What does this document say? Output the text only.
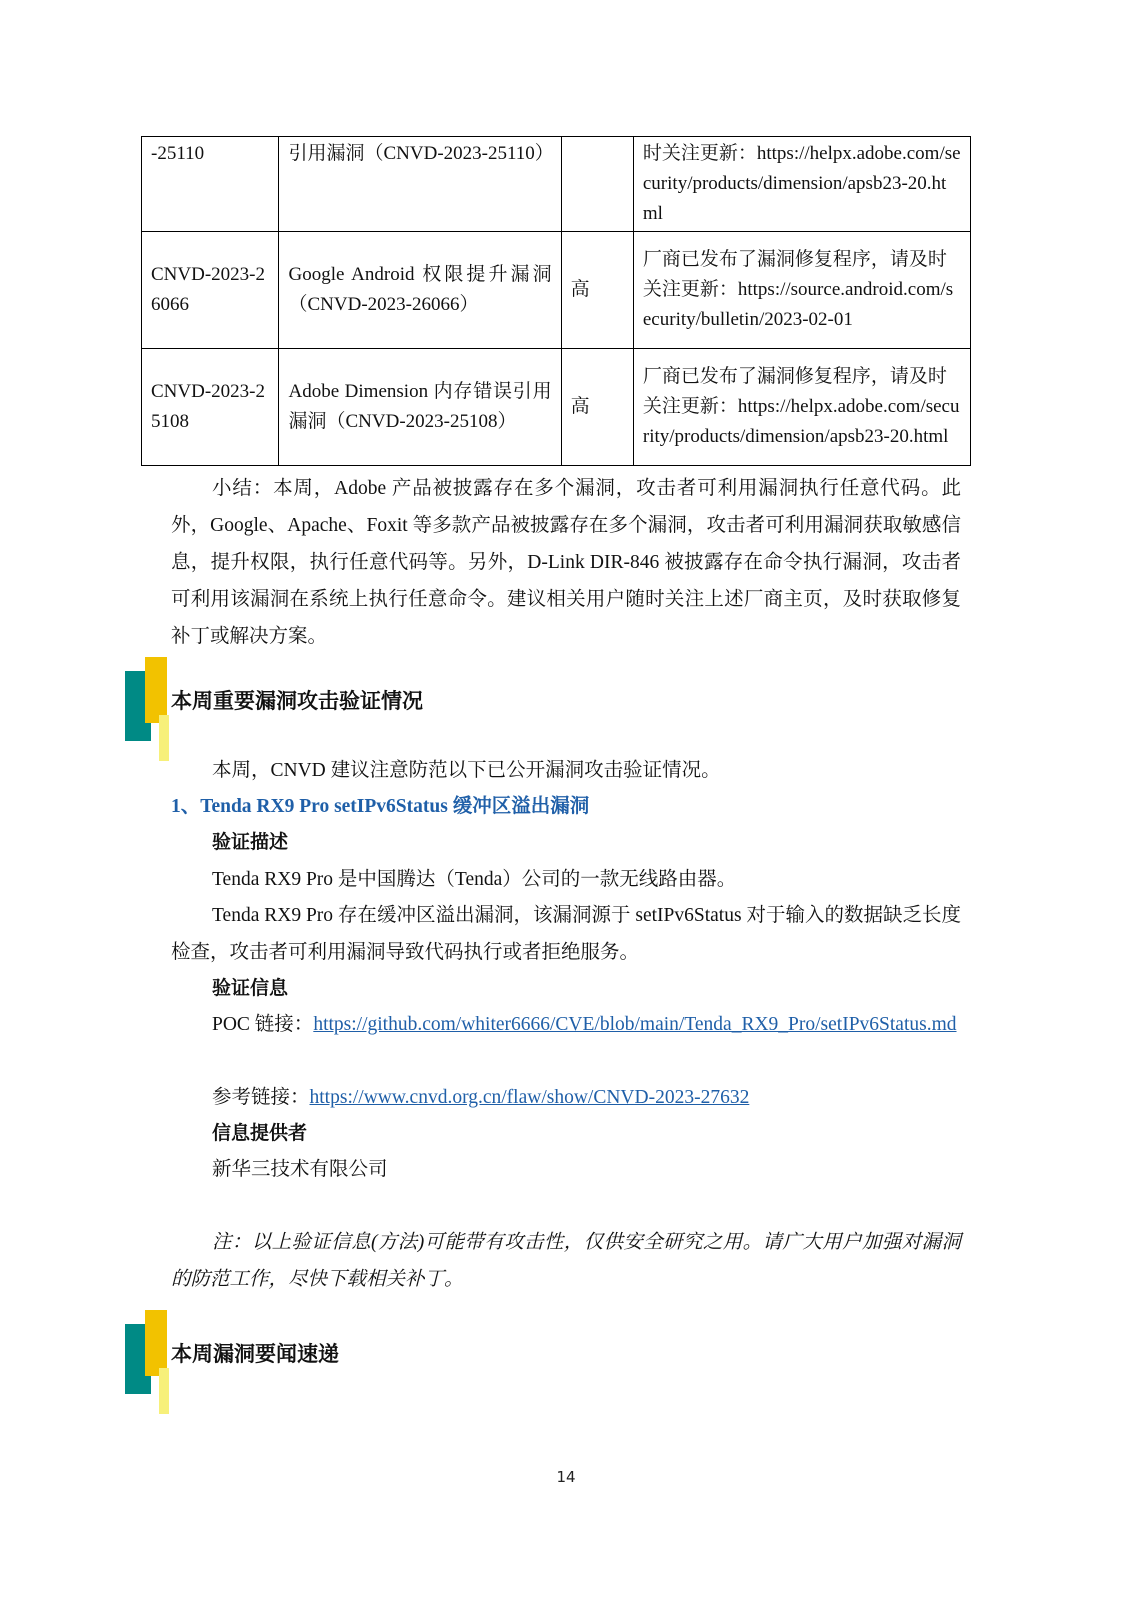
-25110	引用漏洞（CNVD-2023-25110）		时关注更新：https://helpx.adobe.com/security/products/dimension/apsb23-20.html
CNVD-2023-26066	Google Android 权限提升漏洞（CNVD-2023-26066）	高	厂商已发布了漏洞修复程序，请及时关注更新：https://source.android.com/security/bulletin/2023-02-01
CNVD-2023-25108	Adobe Dimension 内存错误引用漏洞（CNVD-2023-25108）	高	厂商已发布了漏洞修复程序，请及时关注更新：https://helpx.adobe.com/security/products/dimension/apsb23-20.html

小结：本周，Adobe 产品被披露存在多个漏洞，攻击者可利用漏洞执行任意代码。此外，Google、Apache、Foxit 等多款产品被披露存在多个漏洞，攻击者可利用漏洞获取敏感信息，提升权限，执行任意代码等。另外，D-Link DIR-846 被披露存在命令执行漏洞，攻击者可利用该漏洞在系统上执行任意命令。建议相关用户随时关注上述厂商主页，及时获取修复补丁或解决方案。

本周重要漏洞攻击验证情况

本周，CNVD 建议注意防范以下已公开漏洞攻击验证情况。

1、Tenda RX9 Pro setIPv6Status 缓冲区溢出漏洞

验证描述

Tenda RX9 Pro 是中国腾达（Tenda）公司的一款无线路由器。

Tenda RX9 Pro 存在缓冲区溢出漏洞，该漏洞源于 setIPv6Status 对于输入的数据缺乏长度检查，攻击者可利用漏洞导致代码执行或者拒绝服务。

验证信息

POC 链接：https://github.com/whiter6666/CVE/blob/main/Tenda_RX9_Pro/setIPv6Status.md

参考链接：https://www.cnvd.org.cn/flaw/show/CNVD-2023-27632

信息提供者

新华三技术有限公司

注：以上验证信息(方法)可能带有攻击性，仅供安全研究之用。请广大用户加强对漏洞的防范工作，尽快下载相关补丁。

本周漏洞要闻速递
14
